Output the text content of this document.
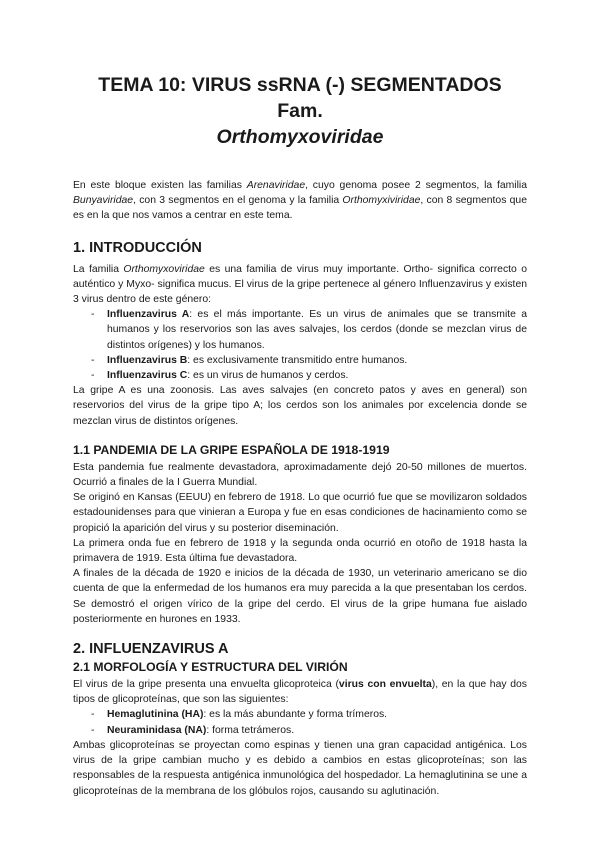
TEMA 10: VIRUS ssRNA (-) SEGMENTADOS Fam.
Orthomyxoviridae

En este bloque existen las familias Arenaviridae, cuyo genoma posee 2 segmentos, la familia Bunyaviridae, con 3 segmentos en el genoma y la familia Orthomyxiviridae, con 8 segmentos que es en la que nos vamos a centrar en este tema.

1. INTRODUCCIÓN

La familia Orthomyxoviridae es una familia de virus muy importante. Ortho- significa correcto o auténtico y Myxo- significa mucus. El virus de la gripe pertenece al género Influenzavirus y existen 3 virus dentro de este género:

- Influenzavirus A: es el más importante. Es un virus de animales que se transmite a humanos y los reservorios son las aves salvajes, los cerdos (donde se mezclan virus de distintos orígenes) y los humanos.
- Influenzavirus B: es exclusivamente transmitido entre humanos.
- Influenzavirus C: es un virus de humanos y cerdos.

La gripe A es una zoonosis. Las aves salvajes (en concreto patos y aves en general) son reservorios del virus de la gripe tipo A; los cerdos son los animales por excelencia donde se mezclan virus de distintos orígenes.

1.1 PANDEMIA DE LA GRIPE ESPAÑOLA DE 1918-1919

Esta pandemia fue realmente devastadora, aproximadamente dejó 20-50 millones de muertos. Ocurrió a finales de la I Guerra Mundial.

Se originó en Kansas (EEUU) en febrero de 1918. Lo que ocurrió fue que se movilizaron soldados estadounidenses para que vinieran a Europa y fue en esas condiciones de hacinamiento como se propició la aparición del virus y su posterior diseminación.

La primera onda fue en febrero de 1918 y la segunda onda ocurrió en otoño de 1918 hasta la primavera de 1919. Esta última fue devastadora.

A finales de la década de 1920 e inicios de la década de 1930, un veterinario americano se dio cuenta de que la enfermedad de los humanos era muy parecida a la que presentaban los cerdos. Se demostró el origen vírico de la gripe del cerdo. El virus de la gripe humana fue aislado posteriormente en hurones en 1933.

2. INFLUENZAVIRUS A
2.1 MORFOLOGÍA Y ESTRUCTURA DEL VIRIÓN

El virus de la gripe presenta una envuelta glicoproteica (virus con envuelta), en la que hay dos tipos de glicoproteínas, que son las siguientes:

- Hemaglutinina (HA): es la más abundante y forma trímeros.
- Neuraminidasa (NA): forma tetrámeros.

Ambas glicoproteínas se proyectan como espinas y tienen una gran capacidad antigénica. Los virus de la gripe cambian mucho y es debido a cambios en estas glicoproteínas; son las responsables de la respuesta antigénica inmunológica del hospedador. La hemaglutinina se une a glicoproteínas de la membrana de los glóbulos rojos, causando su aglutinación.
